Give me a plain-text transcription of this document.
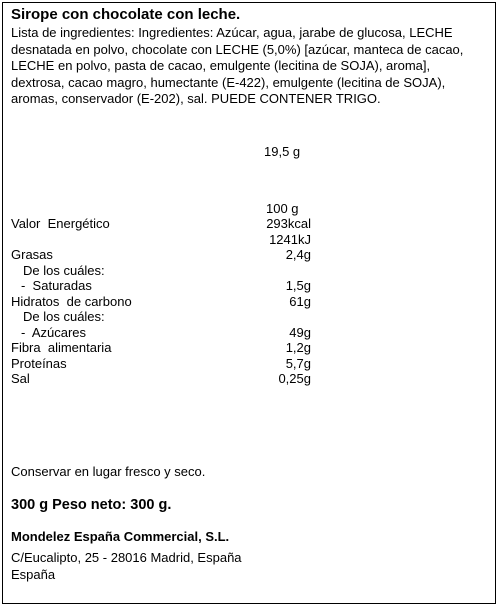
Sirope con chocolate con leche.

Lista de ingredientes: Ingredientes: Azúcar, agua, jarabe de glucosa, LECHE

desnatada en polvo, chocolate con LECHE (5,0%) [azúcar, manteca de cacao,

LECHE en polvo, pasta de cacao, emulgente (lecitina de SOJA), aroma],

dextrosa, cacao magro, humectante (E-422), emulgente (lecitina de SOJA),

aromas, conservador (E-202), sal. PUEDE CONTENER TRIGO.

19,5 g
100 g
Valor  Energético	293kcal
1241kJ
Grasas	2,4g
De los cuáles:
-  Saturadas	1,5g
Hidratos  de carbono	61g
De los cuáles:
-  Azúcares	49g
Fibra  alimentaria	1,2g
Proteínas	5,7g
Sal	0,25g
Conservar en lugar fresco y seco.
300 g Peso neto: 300 g.
Mondelez España Commercial, S.L.

C/Eucalipto, 25 - 28016 Madrid, España

España
